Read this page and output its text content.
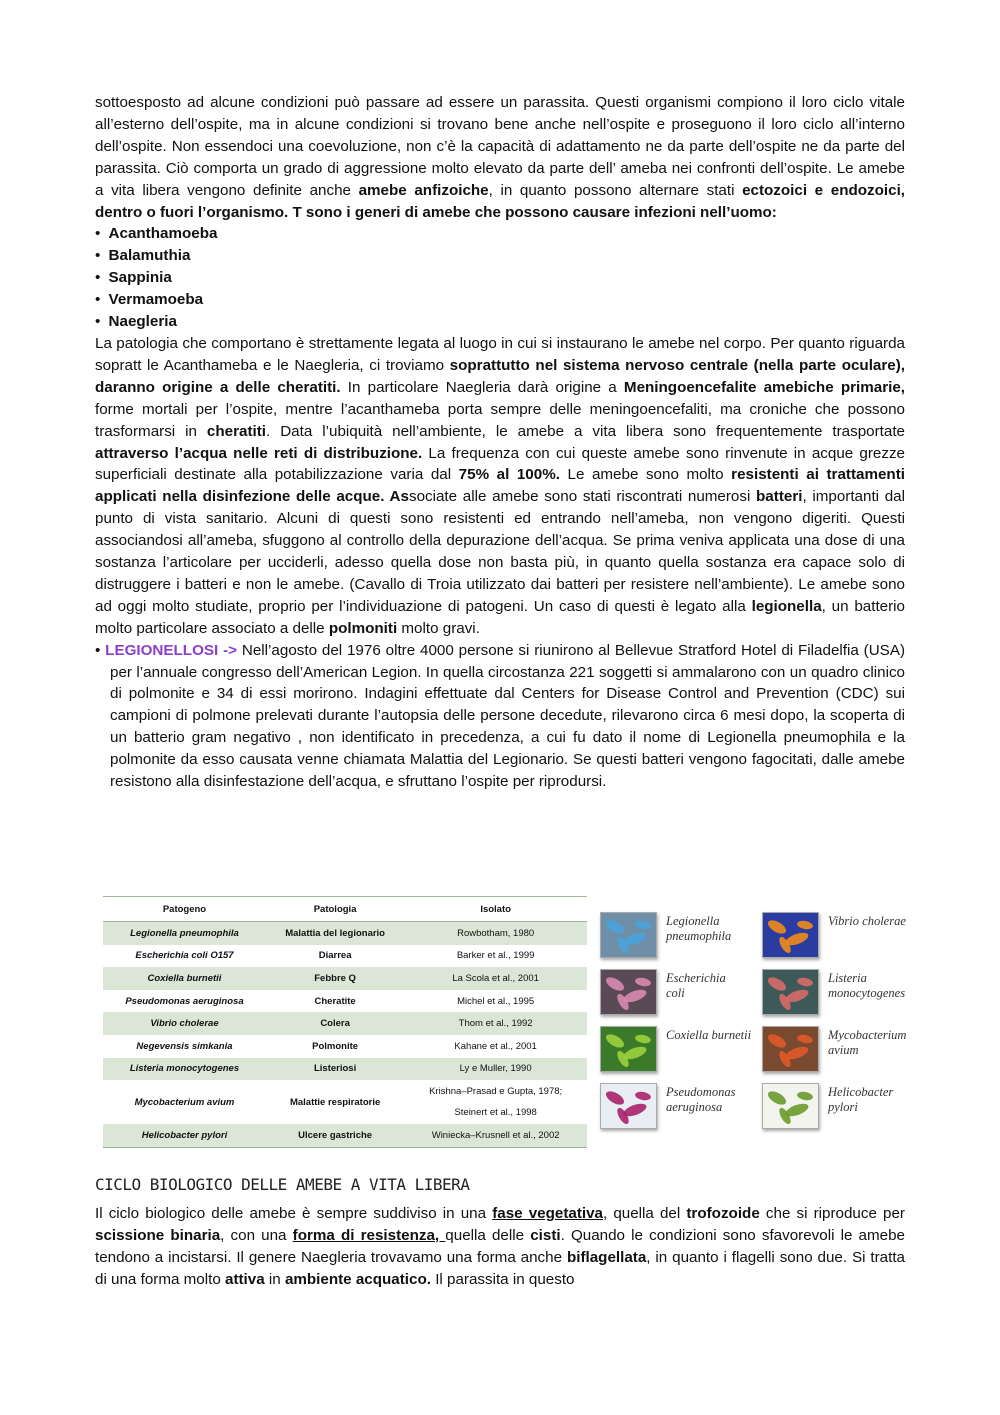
sottoesposto ad alcune condizioni può passare ad essere un parassita. Questi organismi compiono il loro ciclo vitale all’esterno dell’ospite, ma in alcune condizioni si trovano bene anche nell’ospite e proseguono il loro ciclo all’interno dell’ospite. Non essendoci una coevoluzione, non c’è la capacità di adattamento ne da parte dell’ospite ne da parte del parassita. Ciò comporta un grado di aggressione molto elevato da parte dell’ ameba nei confronti dell’ospite. Le amebe a vita libera vengono definite anche amebe anfizoiche, in quanto possono alternare stati ectozoici e endozoici, dentro o fuori l’organismo. T sono i generi di amebe che possono causare infezioni nell’uomo:

• Acanthamoeba
• Balamuthia
• Sappinia
• Vermamoeba
• Naegleria

La patologia che comportano è strettamente legata al luogo in cui si instaurano le amebe nel corpo. Per quanto riguarda sopratt le Acanthameba e le Naegleria, ci troviamo soprattutto nel sistema nervoso centrale (nella parte oculare), daranno origine a delle cheratiti. In particolare Naegleria darà origine a Meningoencefalite amebiche primarie, forme mortali per l’ospite, mentre l’acanthameba porta sempre delle meningoencefaliti, ma croniche che possono trasformarsi in cheratiti. Data l’ubiquità nell’ambiente, le amebe a vita libera sono frequentemente trasportate attraverso l’acqua nelle reti di distribuzione. La frequenza con cui queste amebe sono rinvenute in acque grezze superficiali destinate alla potabilizzazione varia dal 75% al 100%. Le amebe sono molto resistenti ai trattamenti applicati nella disinfezione delle acque. Associate alle amebe sono stati riscontrati numerosi batteri, importanti dal punto di vista sanitario. Alcuni di questi sono resistenti ed entrando nell’ameba, non vengono digeriti. Questi associandosi all’ameba, sfuggono al controllo della depurazione dell’acqua. Se prima veniva applicata una dose di una sostanza l’articolare per ucciderli, adesso quella dose non basta più, in quanto quella sostanza era capace solo di distruggere i batteri e non le amebe. (Cavallo di Troia utilizzato dai batteri per resistere nell’ambiente). Le amebe sono ad oggi molto studiate, proprio per l’individuazione di patogeni. Un caso di questi è legato alla legionella, un batterio molto particolare associato a delle polmoniti molto gravi.

• LEGIONELLOSI -> Nell’agosto del 1976 oltre 4000 persone si riunirono al Bellevue Stratford Hotel di Filadelfia (USA) per l’annuale congresso dell’American Legion. In quella circostanza 221 soggetti si ammalarono con un quadro clinico di polmonite e 34 di essi morirono. Indagini effettuate dal Centers for Disease Control and Prevention (CDC) sui campioni di polmone prelevati durante l’autopsia delle persone decedute, rilevarono circa 6 mesi dopo, la scoperta di un batterio gram negativo , non identificato in precedenza, a cui fu dato il nome di Legionella pneumophila e la polmonite da esso causata venne chiamata Malattia del Legionario. Se questi batteri vengono fagocitati, dalle amebe resistono alla disinfestazione dell’acqua, e sfruttano l’ospite per riprodursi.

Patogeno	Patologia	Isolato
Legionella pneumophila	Malattia del legionario	Rowbotham, 1980
Escherichia coli O157	Diarrea	Barker et al., 1999
Coxiella burnetii	Febbre Q	La Scola et al., 2001
Pseudomonas aeruginosa	Cheratite	Michel et al., 1995
Vibrio cholerae	Colera	Thom et al., 1992
Negevensis simkania	Polmonite	Kahane et al., 2001
Listeria monocytogenes	Listeriosi	Ly e Muller, 1990
Mycobacterium avium	Malattie respiratorie	Krishna–Prasad e Gupta, 1978;
Steinert et al., 1998
Helicobacter pylori	Ulcere gastriche	Winiecka–Krusnell et al., 2002
Legionella
pneumophila
Vibrio cholerae
Escherichia
coli
Listeria
monocytogenes
Coxiella burnetii	Mycobacterium
avium
Pseudomonas
aeruginosa
Helicobacter
pylori
CICLO BIOLOGICO DELLE AMEBE A VITA LIBERA

Il ciclo biologico delle amebe è sempre suddiviso in una fase vegetativa, quella del trofozoide che si riproduce per scissione binaria, con una forma di resistenza, quella delle cisti. Quando le condizioni sono sfavorevoli le amebe tendono a incistarsi. Il genere Naegleria trovavamo una forma anche biflagellata, in quanto i flagelli sono due. Si tratta di una forma molto attiva in ambiente acquatico. Il parassita in questo
